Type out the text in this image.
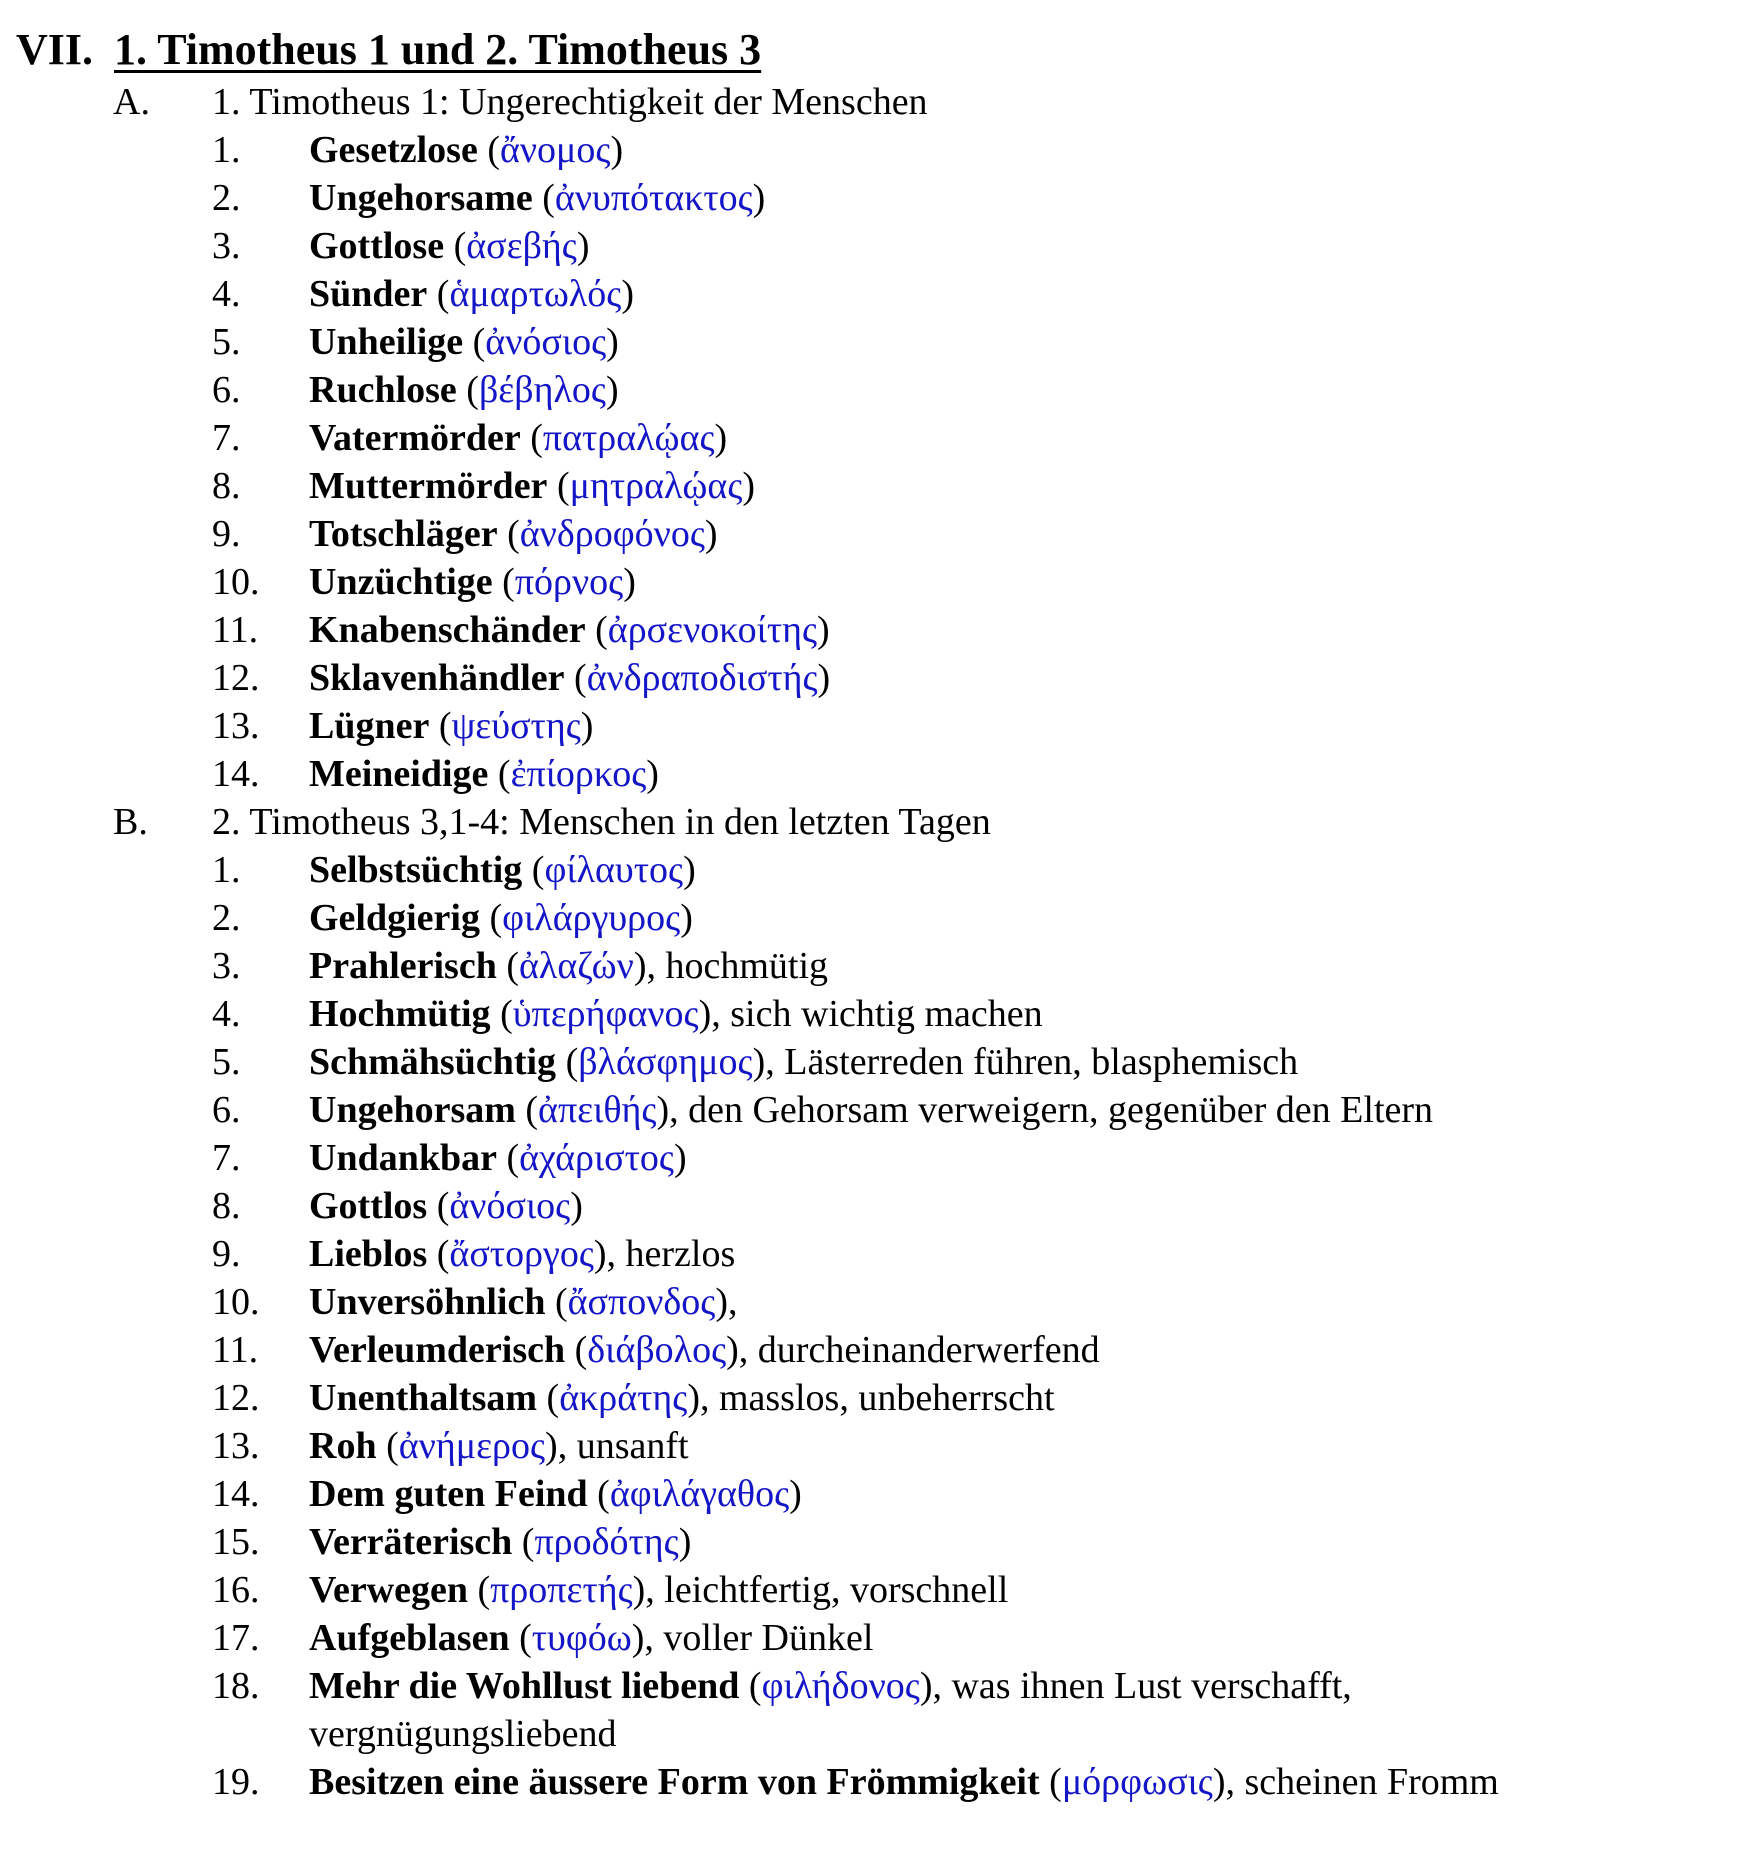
VII. 1. Timotheus 1 und 2. Timotheus 3
A. 1. Timotheus 1: Ungerechtigkeit der Menschen
1. Gesetzlose (ἄνομος)
2. Ungehorsame (ἀνυπότακτος)
3. Gottlose (ἀσεβής)
4. Sünder (ἁμαρτωλός)
5. Unheilige (ἀνόσιος)
6. Ruchlose (βέβηλος)
7. Vatermörder (πατραλῴας)
8. Muttermörder (μητραλῴας)
9. Totschläger (ἀνδροφόνος)
10. Unzüchtige (πόρνος)
11. Knabenschänder (ἀρσενοκοίτης)
12. Sklavenhändler (ἀνδραποδιστής)
13. Lügner (ψεύστης)
14. Meineidige (ἐπίορκος)
B. 2. Timotheus 3,1-4: Menschen in den letzten Tagen
1. Selbstsüchtig (φίλαυτος)
2. Geldgierig (φιλάργυρος)
3. Prahlerisch (ἀλαζών), hochmütig
4. Hochmütig (ὑπερήφανος), sich wichtig machen
5. Schmähsüchtig (βλάσφημος), Lästerreden führen, blasphemisch
6. Ungehorsam (ἀπειθής), den Gehorsam verweigern, gegenüber den Eltern
7. Undankbar (ἀχάριστος)
8. Gottlos (ἀνόσιος)
9. Lieblos (ἄστοργος), herzlos
10. Unversöhnlich (ἄσπονδος),
11. Verleumderisch (διάβολος), durcheinanderwerfend
12. Unenthaltsam (ἀκράτης), masslos, unbeherrscht
13. Roh (ἀνήμερος), unsanft
14. Dem guten Feind (ἀφιλάγαθος)
15. Verräterisch (προδότης)
16. Verwegen (προπετής), leichtfertig, vorschnell
17. Aufgeblasen (τυφόω), voller Dünkel
18. Mehr die Wohllust liebend (φιλήδονος), was ihnen Lust verschafft,
vergnügungsliebend
19. Besitzen eine äussere Form von Frömmigkeit (μόρφωσις), scheinen Fromm
